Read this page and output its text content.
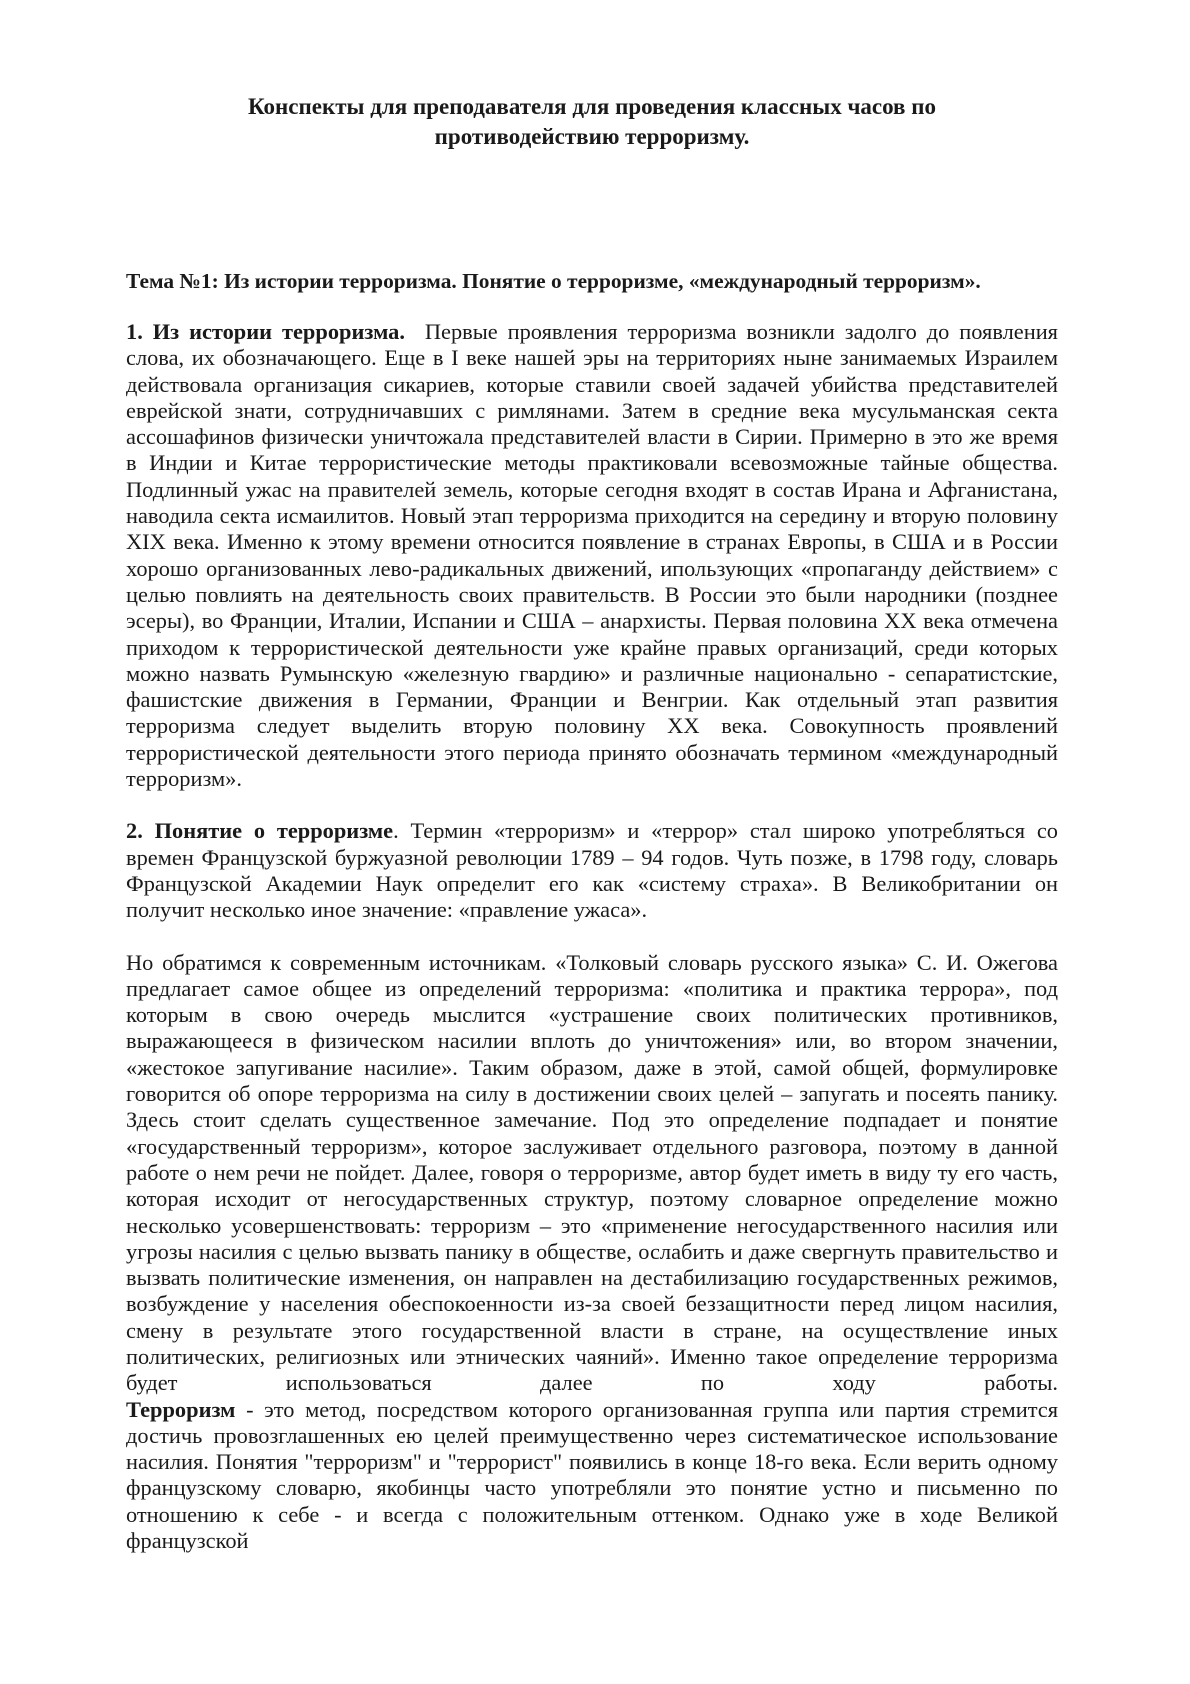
Конспекты для преподавателя для проведения классных часов по
противодействию терроризму.

Тема №1: Из истории терроризма. Понятие о терроризме, «международный терроризм».

1. Из истории терроризма. Первые проявления терроризма возникли задолго до появления слова, их обозначающего. Еще в I веке нашей эры на территориях ныне занимаемых Израилем действовала организация сикариев, которые ставили своей задачей убийства представителей еврейской знати, сотрудничавших с римлянами. Затем в средние века мусульманская секта ассошафинов физически уничтожала представителей власти в Сирии. Примерно в это же время в Индии и Китае террористические методы практиковали всевозможные тайные общества. Подлинный ужас на правителей земель, которые сегодня входят в состав Ирана и Афганистана, наводила секта исмаилитов. Новый этап терроризма приходится на середину и вторую половину XIX века. Именно к этому времени относится появление в странах Европы, в США и в России хорошо организованных лево-радикальных движений, ипользующих «пропаганду действием» с целью повлиять на деятельность своих правительств. В России это были народники (позднее эсеры), во Франции, Италии, Испании и США – анархисты. Первая половина XX века отмечена приходом к террористической деятельности уже крайне правых организаций, среди которых можно назвать Румынскую «железную гвардию» и различные национально - сепаратистские, фашистские движения в Германии, Франции и Венгрии. Как отдельный этап развития терроризма следует выделить вторую половину XX века. Совокупность проявлений террористической деятельности этого периода принято обозначать термином «международный терроризм».

2. Понятие о терроризме. Термин «терроризм» и «террор» стал широко употребляться со времен Французской буржуазной революции 1789 – 94 годов. Чуть позже, в 1798 году, словарь Французской Академии Наук определит его как «систему страха». В Великобритании он получит несколько иное значение: «правление ужаса».

Но обратимся к современным источникам. «Толковый словарь русского языка» С. И. Ожегова предлагает самое общее из определений терроризма: «политика и практика террора», под которым в свою очередь мыслится «устрашение своих политических противников, выражающееся в физическом насилии вплоть до уничтожения» или, во втором значении, «жестокое запугивание насилие». Таким образом, даже в этой, самой общей, формулировке говорится об опоре терроризма на силу в достижении своих целей – запугать и посеять панику. Здесь стоит сделать существенное замечание. Под это определение подпадает и понятие «государственный терроризм», которое заслуживает отдельного разговора, поэтому в данной работе о нем речи не пойдет. Далее, говоря о терроризме, автор будет иметь в виду ту его часть, которая исходит от негосударственных структур, поэтому словарное определение можно несколько усовершенствовать: терроризм – это «применение негосударственного насилия или угрозы насилия с целью вызвать панику в обществе, ослабить и даже свергнуть правительство и вызвать политические изменения, он направлен на дестабилизацию государственных режимов, возбуждение у населения обеспокоенности из-за своей беззащитности перед лицом насилия, смену в результате этого государственной власти в стране, на осуществление иных политических, религиозных или этнических чаяний». Именно такое определение терроризма будет использоваться далее по ходу работы.

Терроризм - это метод, посредством которого организованная группа или партия стремится достичь провозглашенных ею целей преимущественно через систематическое использование насилия. Понятия "терроризм" и "террорист" появились в конце 18-го века. Если верить одному французскому словарю, якобинцы часто употребляли это понятие устно и письменно по отношению к себе - и всегда с положительным оттенком. Однако уже в ходе Великой французской
